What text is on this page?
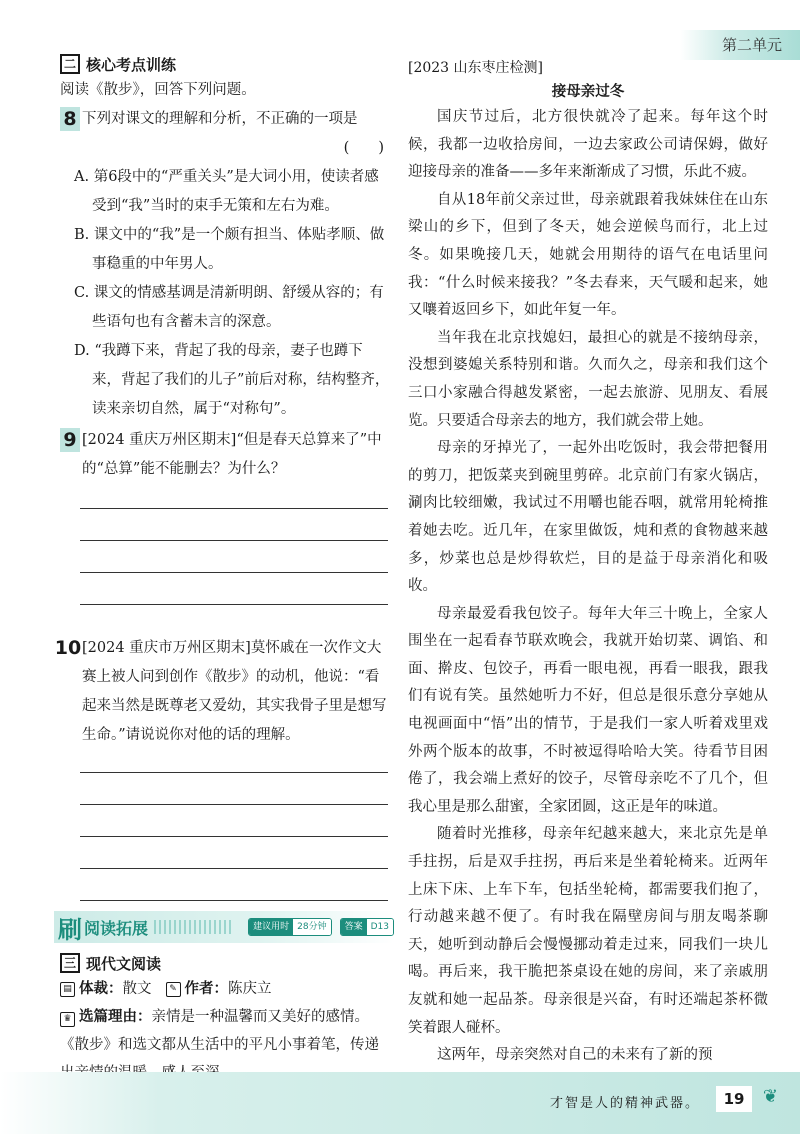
第二单元
二 核心考点训练
阅读《散步》，回答下列问题。
8 下列对课文的理解和分析，不正确的一项是
(　　)
A. 第6段中的“严重关头”是大词小用，使读者感受到“我”当时的束手无策和左右为难。
B. 课文中的“我”是一个颇有担当、体贴孝顺、做事稳重的中年男人。
C. 课文的情感基调是清新明朗、舒缓从容的；有些语句也有含蓄未言的深意。
D. “我蹲下来，背起了我的母亲，妻子也蹲下来，背起了我们的儿子”前后对称，结构整齐，读来亲切自然，属于“对称句”。
9 [2024 重庆万州区期末]“但是春天总算来了”中的“总算”能不能删去？为什么？
10 [2024 重庆市万州区期末]莫怀戚在一次作文大赛上被人问到创作《散步》的动机，他说：“看起来当然是既尊老又爱幼，其实我骨子里是想写生命。”请说说你对他的话的理解。
刷 阅读拓展	建议用时 28分钟	答案 D13
三 现代文阅读
▤ 体裁： 散文	✎ 作者： 陈庆立
♛ 选篇理由：亲情是一种温馨而又美好的感情。《散步》和选文都从生活中的平凡小事着笔，传递
[2023 山东枣庄检测]
接母亲过冬
国庆节过后，北方很快就冷了起来。每年这个时候，我都一边收拾房间，一边去家政公司请保姆，做好迎接母亲的准备——多年来渐渐成了习惯，乐此不疲。
自从18年前父亲过世，母亲就跟着我妹妹住在山东梁山的乡下，但到了冬天，她会逆候鸟而行，北上过冬。如果晚接几天，她就会用期待的语气在电话里问我：“什么时候来接我？”冬去春来，天气暖和起来，她又嚷着返回乡下，如此年复一年。
当年我在北京找媳妇，最担心的就是不接纳母亲，没想到婆媳关系特别和谐。久而久之，母亲和我们这个三口小家融合得越发紧密，一起去旅游、见朋友、看展览。只要适合母亲去的地方，我们就会带上她。
母亲的牙掉光了，一起外出吃饭时，我会带把餐用的剪刀，把饭菜夹到碗里剪碎。北京前门有家火锅店，涮肉比较细嫩，我试过不用嚼也能吞咽，就常用轮椅推着她去吃。近几年，在家里做饭，炖和煮的食物越来越多，炒菜也总是炒得软烂，目的是益于母亲消化和吸收。
母亲最爱看我包饺子。每年大年三十晚上，全家人围坐在一起看春节联欢晚会，我就开始切菜、调馅、和面、擀皮、包饺子，再看一眼电视，再看一眼我，跟我们有说有笑。虽然她听力不好，但总是很乐意分享她从电视画面中“悟”出的情节，于是我们一家人听着戏里戏外两个版本的故事，不时被逗得哈哈大笑。待看节目困倦了，我会端上煮好的饺子，尽管母亲吃不了几个，但我心里是那么甜蜜，全家团圆，这正是年的味道。
随着时光推移，母亲年纪越来越大，来北京先是单手拄拐，后是双手拄拐，再后来是坐着轮椅来。近两年上床下床、上车下车，包括坐轮椅，都需要我们抱了，行动越来越不便了。有时我在隔壁房间与朋友喝茶聊天，她听到动静后会慢慢挪动着走过来，同我们一块儿喝。再后来，我干脆把茶桌设在她的房间，来了亲戚朋友就和她一起品茶。母亲很是兴奋，有时还端起茶杯微笑着跟人碰杯。
这两年，母亲突然对自己的未来有了新的预
才智是人的精神武器。	19	❦
